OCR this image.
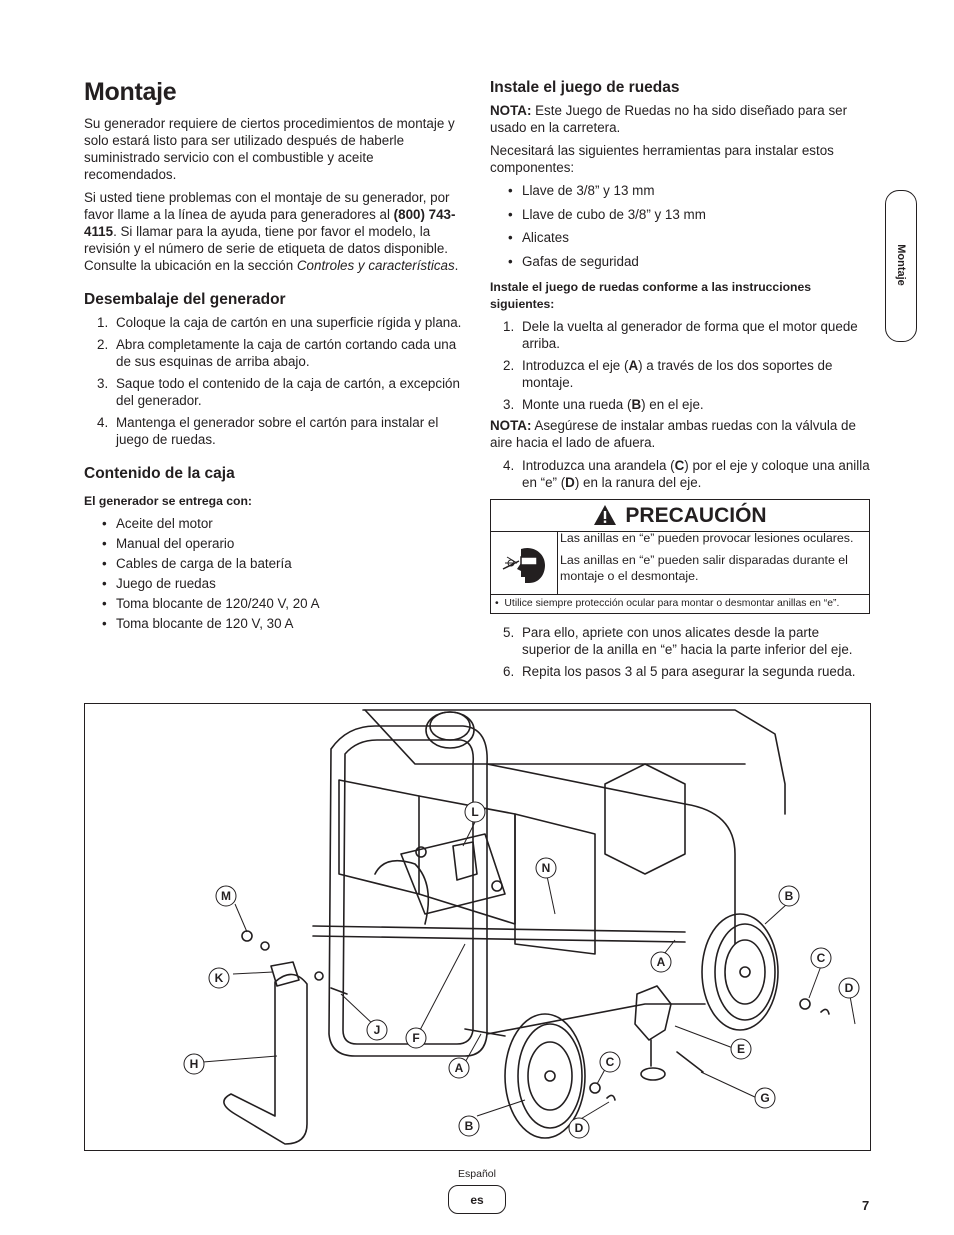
Montaje

Su generador requiere de ciertos procedimientos de montaje y solo estará listo para ser utilizado después de haberle suministrado servicio con el combustible y aceite recomendados.

Si usted tiene problemas con el montaje de su generador, por favor llame a la línea de ayuda para generadores al (800) 743-4115. Si llamar para la ayuda, tiene por favor el modelo, la revisión y el número de serie de etiqueta de datos disponible. Consulte la ubicación en la sección Controles y características.

Desembalaje del generador
1. Coloque la caja de cartón en una superficie rígida y plana.
2. Abra completamente la caja de cartón cortando cada una de sus esquinas de arriba abajo.
3. Saque todo el contenido de la caja de cartón, a excepción del generador.
4. Mantenga el generador sobre el cartón para instalar el juego de ruedas.
Contenido de la caja
El generador se entrega con:
• Aceite del motor
• Manual del operario
• Cables de carga de la batería
• Juego de ruedas
• Toma blocante de 120/240 V, 20 A
• Toma blocante de 120 V, 30 A
Instale el juego de ruedas

NOTA: Este Juego de Ruedas no ha sido diseñado para ser usado en la carretera.

Necesitará las siguientes herramientas para instalar estos componentes:

• Llave de 3/8” y 13 mm
• Llave de cubo de 3/8” y 13 mm
• Alicates
• Gafas de seguridad
Instale el juego de ruedas conforme a las instrucciones siguientes:
1. Dele la vuelta al generador de forma que el motor quede arriba.
2. Introduzca el eje (A) a través de los dos soportes de montaje.
3. Monte una rueda (B) en el eje.

NOTA: Asegúrese de instalar ambas ruedas con la válvula de aire hacia el lado de afuera.

4. Introduzca una arandela (C) por el eje y coloque una anilla en “e” (D) en la ranura del eje.
PRECAUCIÓN
Las anillas en “e” pueden provocar lesiones oculares.
Las anillas en “e” pueden salir disparadas durante el montaje o el desmontaje.
• Utilice siempre protección ocular para montar o desmontar anillas en “e”.
5. Para ello, apriete con unos alicates desde la parte superior de la anilla en “e” hacia la parte inferior del eje.
6. Repita los pasos 3 al 5 para asegurar la segunda rueda.
Montaje
L
N
M	B
K
C
A
D
J
F
E
H	A	C
G
B	D
Español
es	7
